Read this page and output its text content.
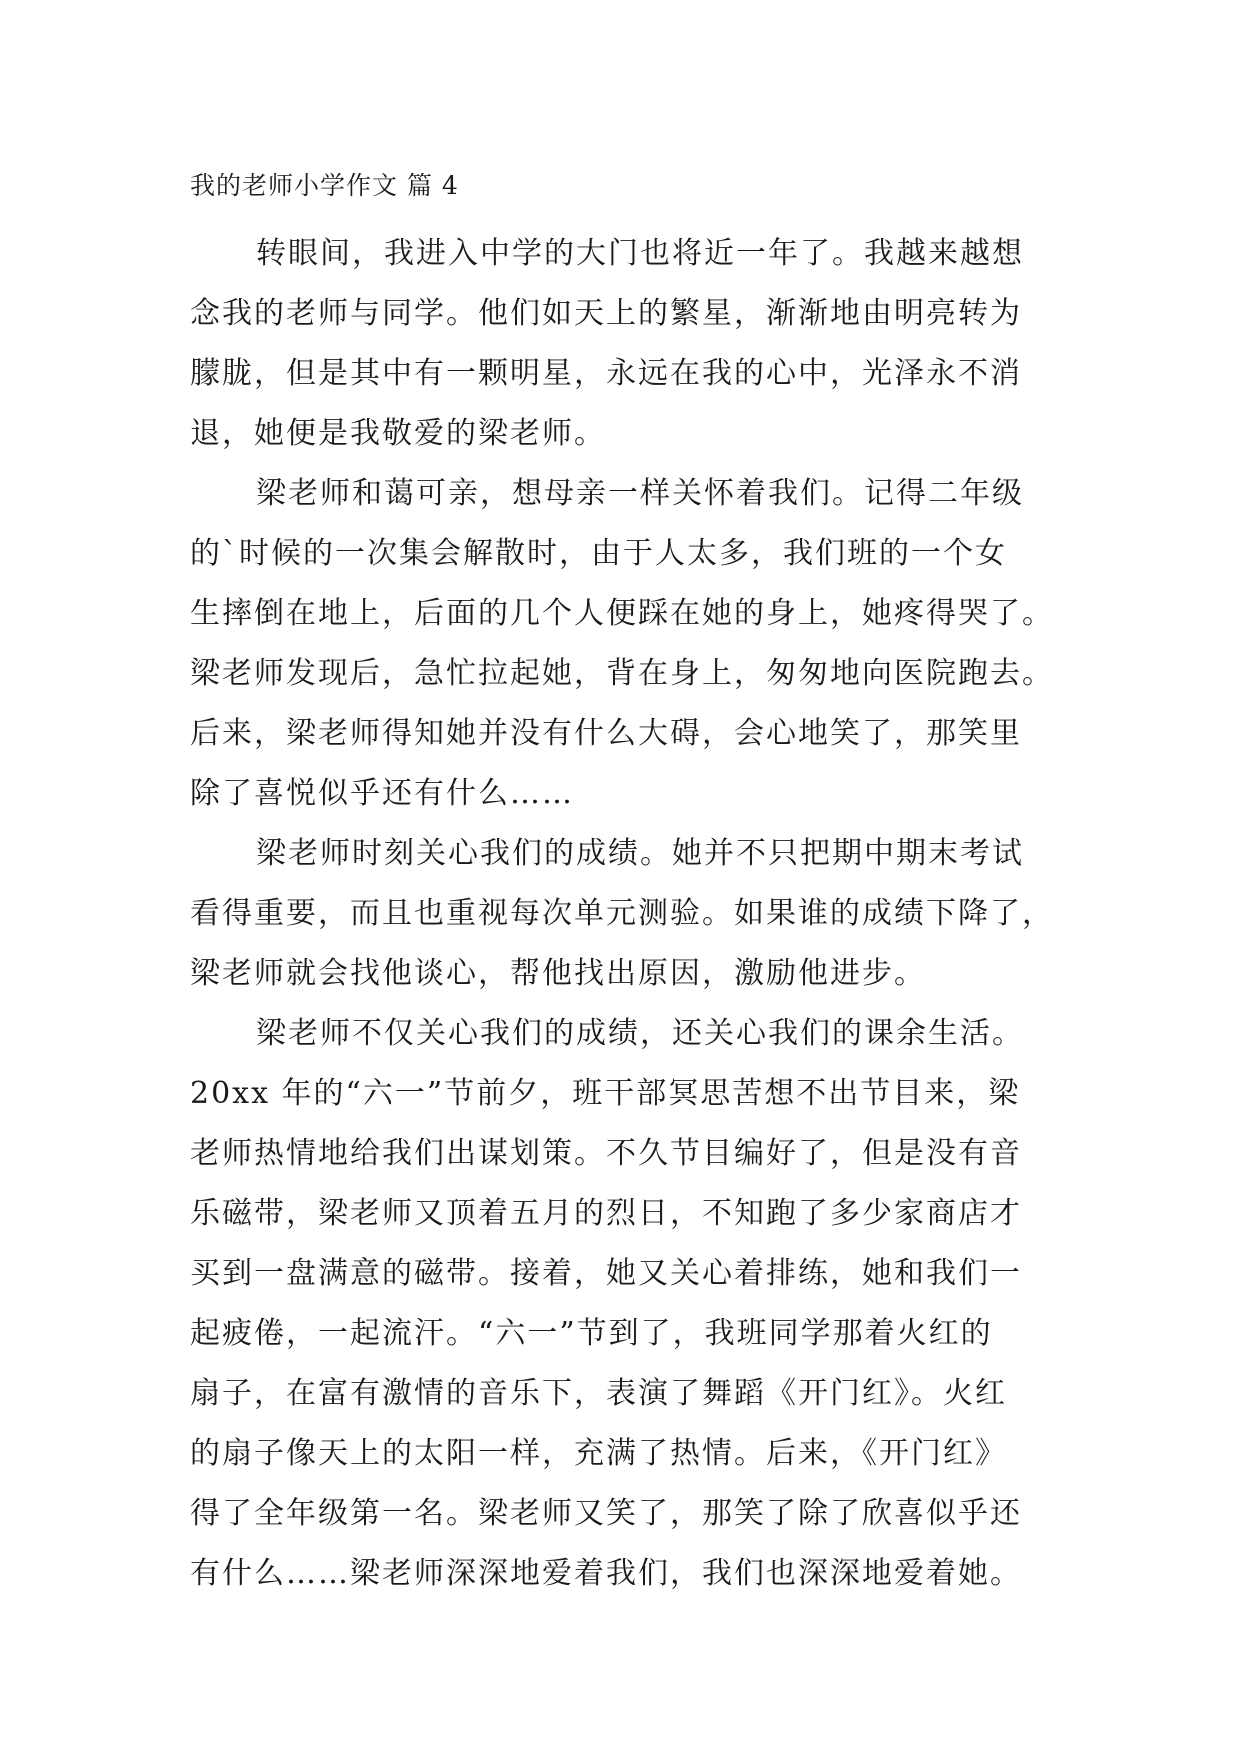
我的老师小学作文 篇 4
转眼间，我进入中学的大门也将近一年了。我越来越想
念我的老师与同学。他们如天上的繁星，渐渐地由明亮转为
朦胧，但是其中有一颗明星，永远在我的心中，光泽永不消
退，她便是我敬爱的梁老师。
梁老师和蔼可亲，想母亲一样关怀着我们。记得二年级
的`时候的一次集会解散时，由于人太多，我们班的一个女
生摔倒在地上，后面的几个人便踩在她的身上，她疼得哭了。
梁老师发现后，急忙拉起她，背在身上，匆匆地向医院跑去。
后来，梁老师得知她并没有什么大碍，会心地笑了，那笑里
除了喜悦似乎还有什么……
梁老师时刻关心我们的成绩。她并不只把期中期末考试
看得重要，而且也重视每次单元测验。如果谁的成绩下降了，
梁老师就会找他谈心，帮他找出原因，激励他进步。
梁老师不仅关心我们的成绩，还关心我们的课余生活。
20xx 年的“六一”节前夕，班干部冥思苦想不出节目来，梁
老师热情地给我们出谋划策。不久节目编好了，但是没有音
乐磁带，梁老师又顶着五月的烈日，不知跑了多少家商店才
买到一盘满意的磁带。接着，她又关心着排练，她和我们一
起疲倦，一起流汗。“六一”节到了，我班同学那着火红的
扇子，在富有激情的音乐下，表演了舞蹈《开门红》。火红
的扇子像天上的太阳一样，充满了热情。后来，《开门红》
得了全年级第一名。梁老师又笑了，那笑了除了欣喜似乎还
有什么……梁老师深深地爱着我们，我们也深深地爱着她。
